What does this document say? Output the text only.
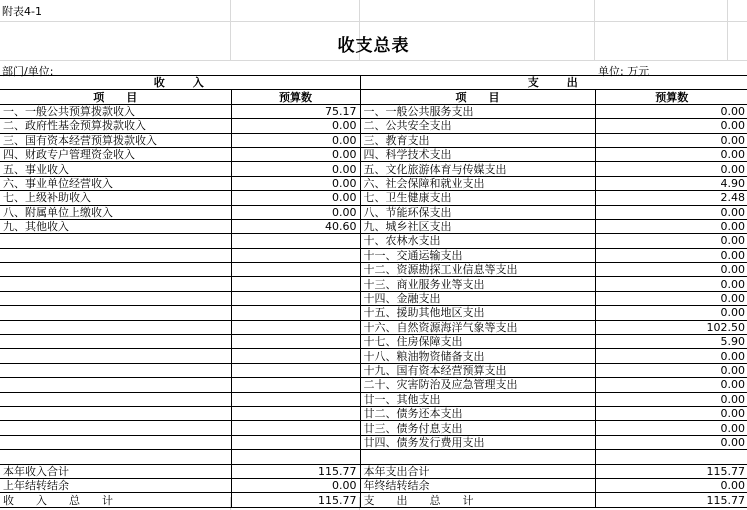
附表4-1
收支总表
部门/单位:	单位: 万元
收　　入		支　　出	
项　　目	预算数	项　　目	预算数
一、一般公共预算拨款收入	75.17	一、一般公共服务支出	0.00
二、政府性基金预算拨款收入	0.00	二、公共安全支出	0.00
三、国有资本经营预算拨款收入	0.00	三、教育支出	0.00
四、财政专户管理资金收入	0.00	四、科学技术支出	0.00
五、事业收入	0.00	五、文化旅游体育与传媒支出	0.00
六、事业单位经营收入	0.00	六、社会保障和就业支出	4.90
七、上级补助收入	0.00	七、卫生健康支出	2.48
八、附属单位上缴收入	0.00	八、节能环保支出	0.00
九、其他收入	40.60	九、城乡社区支出	0.00
		十、农林水支出	0.00
		十一、交通运输支出	0.00
		十二、资源勘探工业信息等支出	0.00
		十三、商业服务业等支出	0.00
		十四、金融支出	0.00
		十五、援助其他地区支出	0.00
		十六、自然资源海洋气象等支出	102.50
		十七、住房保障支出	5.90
		十八、粮油物资储备支出	0.00
		十九、国有资本经营预算支出	0.00
		二十、灾害防治及应急管理支出	0.00
		廿一、其他支出	0.00
		廿二、债务还本支出	0.00
		廿三、债务付息支出	0.00
		廿四、债务发行费用支出	0.00

本年收入合计	115.77	本年支出合计	115.77
上年结转结余	0.00	年终结转结余	0.00
收　　入　　总　　计	115.77	支　　出　　总　　计	115.77
